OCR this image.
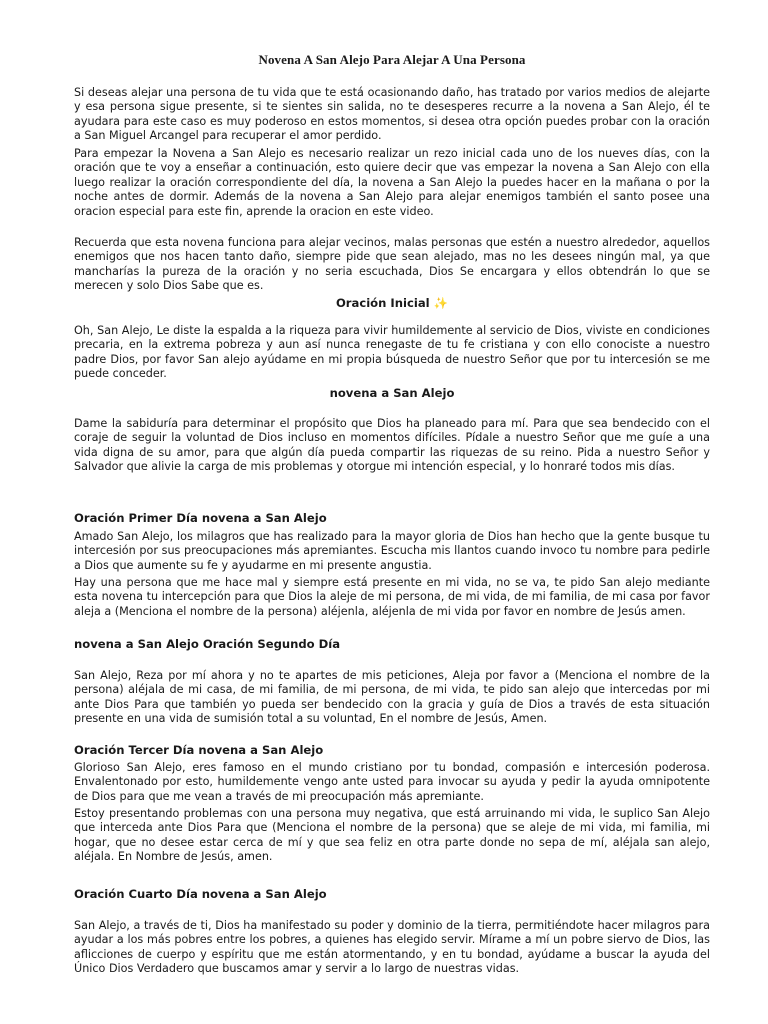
Novena A San Alejo Para Alejar A Una Persona
Si deseas alejar una persona de tu vida que te está ocasionando daño, has tratado por varios medios de alejarte y esa persona sigue presente, si te sientes sin salida, no te desesperes recurre a la novena a San Alejo, él te ayudara para este caso es muy poderoso en estos momentos, si desea otra opción puedes probar con la oración a San Miguel Arcangel para recuperar el amor perdido.
Para empezar la Novena a San Alejo es necesario realizar un rezo inicial cada uno de los nueves días, con la oración que te voy a enseñar a continuación, esto quiere decir que vas empezar la novena a San Alejo con ella luego realizar la oración correspondiente del día, la novena a San Alejo la puedes hacer en la mañana o por la noche antes de dormir. Además de la novena a San Alejo para alejar enemigos también el santo posee una oracion especial para este fin, aprende la oracion en este video.
Recuerda que esta novena funciona para alejar vecinos, malas personas que estén a nuestro alrededor, aquellos enemigos que nos hacen tanto daño, siempre pide que sean alejado, mas no les desees ningún mal, ya que mancharías la pureza de la oración y no seria escuchada, Dios Se encargara y ellos obtendrán lo que se merecen y solo Dios Sabe que es.
Oración Inicial ✨
Oh, San Alejo, Le diste la espalda a la riqueza para vivir humildemente al servicio de Dios, viviste en condiciones precaria, en la extrema pobreza y aun así nunca renegaste de tu fe cristiana y con ello conociste a nuestro padre Dios, por favor San alejo ayúdame en mi propia búsqueda de nuestro Señor que por tu intercesión se me puede conceder.
novena a San Alejo
Dame la sabiduría para determinar el propósito que Dios ha planeado para mí. Para que sea bendecido con el coraje de seguir la voluntad de Dios incluso en momentos difíciles. Pídale a nuestro Señor que me guíe a una vida digna de su amor, para que algún día pueda compartir las riquezas de su reino. Pida a nuestro Señor y Salvador que alivie la carga de mis problemas y otorgue mi intención especial, y lo honraré todos mis días.
Oración Primer Día novena a San Alejo
Amado San Alejo, los milagros que has realizado para la mayor gloria de Dios han hecho que la gente busque tu intercesión por sus preocupaciones más apremiantes. Escucha mis llantos cuando invoco tu nombre para pedirle a Dios que aumente su fe y ayudarme en mi presente angustia.
Hay una persona que me hace mal y siempre está presente en mi vida, no se va, te pido San alejo mediante esta novena tu intercepción para que Dios la aleje de mi persona, de mi vida, de mi familia, de mi casa por favor aleja a (Menciona el nombre de la persona) aléjenla, aléjenla de mi vida por favor en nombre de Jesús amen.
novena a San Alejo Oración Segundo Día
San Alejo, Reza por mí ahora y no te apartes de mis peticiones, Aleja por favor a (Menciona el nombre de la persona) aléjala de mi casa, de mi familia, de mi persona, de mi vida, te pido san alejo que intercedas por mi ante Dios Para que también yo pueda ser bendecido con la gracia y guía de Dios a través de esta situación presente en una vida de sumisión total a su voluntad, En el nombre de Jesús, Amen.
Oración Tercer Día novena a San Alejo
Glorioso San Alejo, eres famoso en el mundo cristiano por tu bondad, compasión e intercesión poderosa. Envalentonado por esto, humildemente vengo ante usted para invocar su ayuda y pedir la ayuda omnipotente de Dios para que me vean a través de mi preocupación más apremiante.
Estoy presentando problemas con una persona muy negativa, que está arruinando mi vida, le suplico San Alejo que interceda ante Dios Para que (Menciona el nombre de la persona) que se aleje de mi vida, mi familia, mi hogar, que no desee estar cerca de mí y que sea feliz en otra parte donde no sepa de mí, aléjala san alejo, aléjala. En Nombre de Jesús, amen.
Oración Cuarto Día novena a San Alejo
San Alejo, a través de ti, Dios ha manifestado su poder y dominio de la tierra, permitiéndote hacer milagros para ayudar a los más pobres entre los pobres, a quienes has elegido servir. Mírame a mí un pobre siervo de Dios, las aflicciones de cuerpo y espíritu que me están atormentando, y en tu bondad, ayúdame a buscar la ayuda del Único Dios Verdadero que buscamos amar y servir a lo largo de nuestras vidas.
